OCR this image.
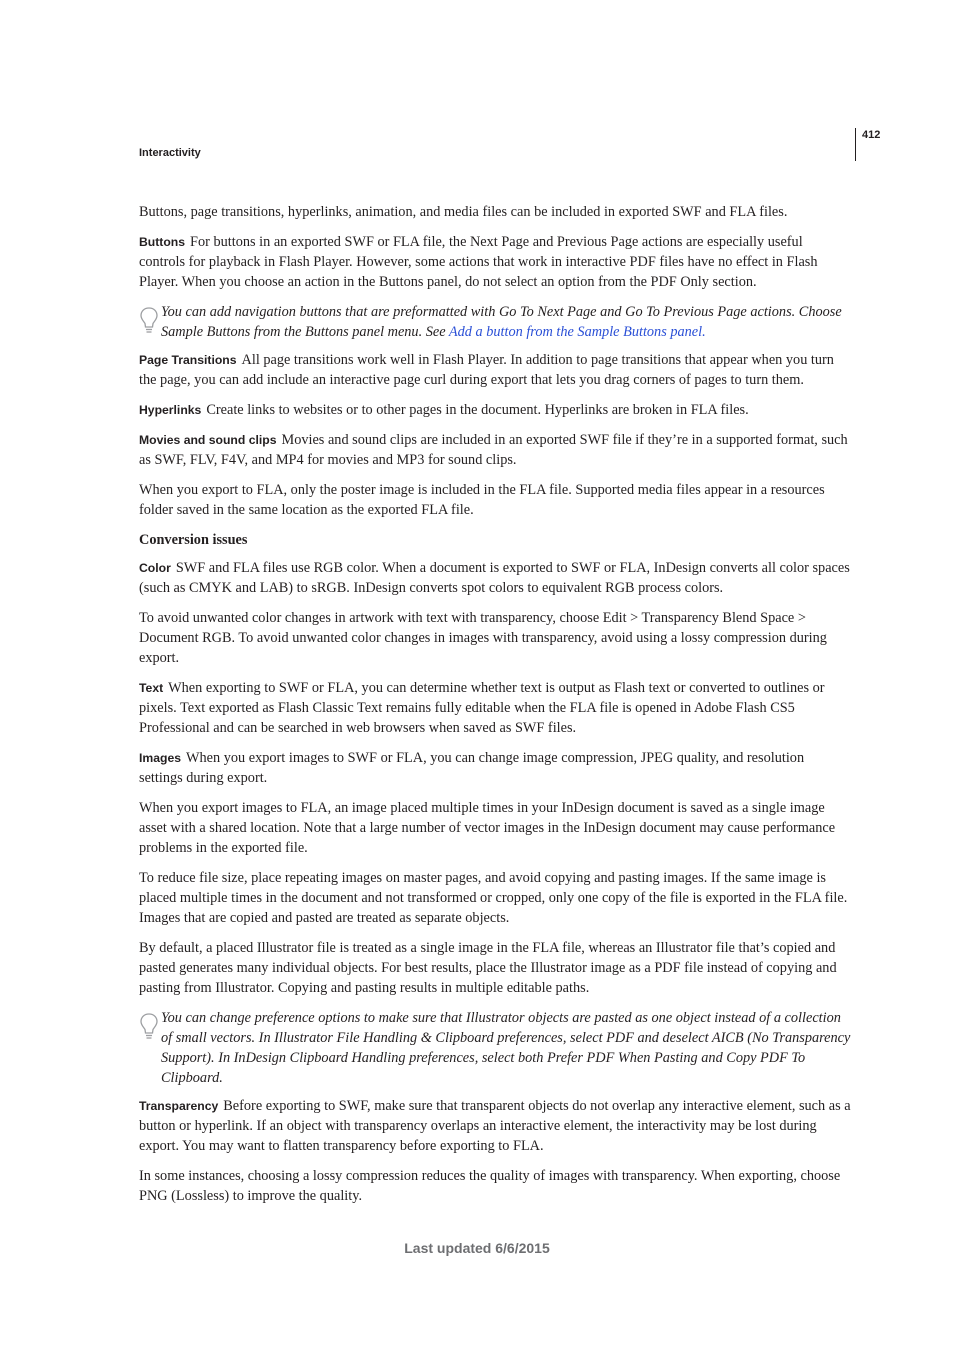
Interactivity
412

Buttons, page transitions, hyperlinks, animation, and media files can be included in exported SWF and FLA files.

Buttons For buttons in an exported SWF or FLA file, the Next Page and Previous Page actions are especially useful controls for playback in Flash Player. However, some actions that work in interactive PDF files have no effect in Flash Player. When you choose an action in the Buttons panel, do not select an option from the PDF Only section.

You can add navigation buttons that are preformatted with Go To Next Page and Go To Previous Page actions. Choose Sample Buttons from the Buttons panel menu. See Add a button from the Sample Buttons panel.

Page Transitions All page transitions work well in Flash Player. In addition to page transitions that appear when you turn the page, you can add include an interactive page curl during export that lets you drag corners of pages to turn them.

Hyperlinks Create links to websites or to other pages in the document. Hyperlinks are broken in FLA files.

Movies and sound clips Movies and sound clips are included in an exported SWF file if they’re in a supported format, such as SWF, FLV, F4V, and MP4 for movies and MP3 for sound clips.

When you export to FLA, only the poster image is included in the FLA file. Supported media files appear in a resources folder saved in the same location as the exported FLA file.

Conversion issues

Color SWF and FLA files use RGB color. When a document is exported to SWF or FLA, InDesign converts all color spaces (such as CMYK and LAB) to sRGB. InDesign converts spot colors to equivalent RGB process colors.

To avoid unwanted color changes in artwork with text with transparency, choose Edit > Transparency Blend Space > Document RGB. To avoid unwanted color changes in images with transparency, avoid using a lossy compression during export.

Text When exporting to SWF or FLA, you can determine whether text is output as Flash text or converted to outlines or pixels. Text exported as Flash Classic Text remains fully editable when the FLA file is opened in Adobe Flash CS5 Professional and can be searched in web browsers when saved as SWF files.

Images When you export images to SWF or FLA, you can change image compression, JPEG quality, and resolution settings during export.

When you export images to FLA, an image placed multiple times in your InDesign document is saved as a single image asset with a shared location. Note that a large number of vector images in the InDesign document may cause performance problems in the exported file.

To reduce file size, place repeating images on master pages, and avoid copying and pasting images. If the same image is placed multiple times in the document and not transformed or cropped, only one copy of the file is exported in the FLA file. Images that are copied and pasted are treated as separate objects.

By default, a placed Illustrator file is treated as a single image in the FLA file, whereas an Illustrator file that’s copied and pasted generates many individual objects. For best results, place the Illustrator image as a PDF file instead of copying and pasting from Illustrator. Copying and pasting results in multiple editable paths.

You can change preference options to make sure that Illustrator objects are pasted as one object instead of a collection of small vectors. In Illustrator File Handling & Clipboard preferences, select PDF and deselect AICB (No Transparency Support). In InDesign Clipboard Handling preferences, select both Prefer PDF When Pasting and Copy PDF To Clipboard.

Transparency Before exporting to SWF, make sure that transparent objects do not overlap any interactive element, such as a button or hyperlink. If an object with transparency overlaps an interactive element, the interactivity may be lost during export. You may want to flatten transparency before exporting to FLA.

In some instances, choosing a lossy compression reduces the quality of images with transparency. When exporting, choose PNG (Lossless) to improve the quality.

Last updated 6/6/2015
